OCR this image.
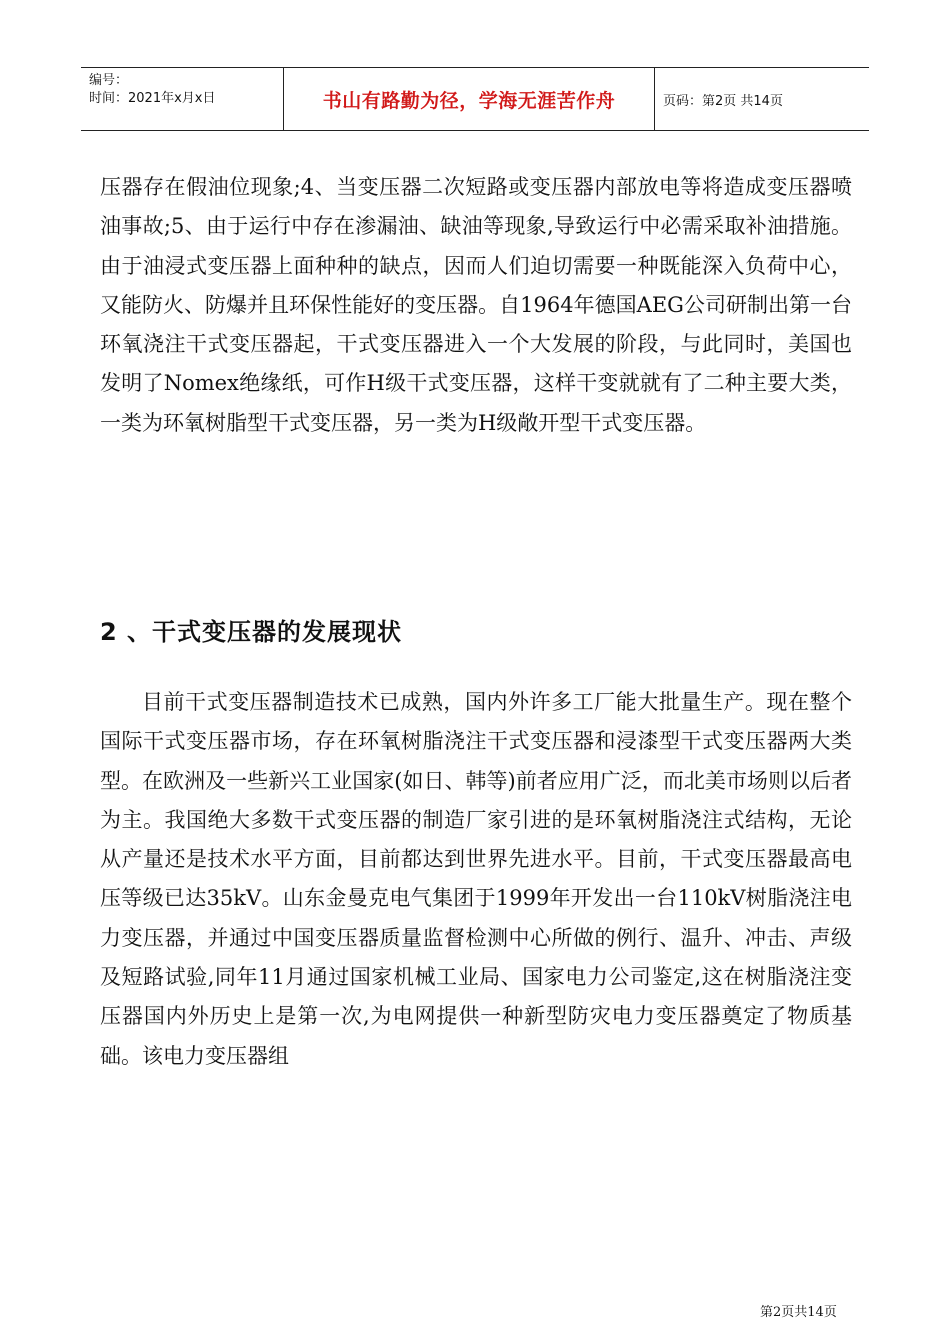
编号：
时间：2021年x月x日	书山有路勤为径，学海无涯苦作舟	页码：第2页 共14页

压器存在假油位现象;4、当变压器二次短路或变压器内部放电等将造成变压器喷油事故;5、由于运行中存在渗漏油、缺油等现象,导致运行中必需采取补油措施。由于油浸式变压器上面种种的缺点，因而人们迫切需要一种既能深入负荷中心，又能防火、防爆并且环保性能好的变压器。自1964年德国AEG公司研制出第一台环氧浇注干式变压器起，干式变压器进入一个大发展的阶段，与此同时，美国也发明了Nomex绝缘纸，可作H级干式变压器，这样干变就就有了二种主要大类，一类为环氧树脂型干式变压器，另一类为H级敞开型干式变压器。

2 、干式变压器的发展现状

目前干式变压器制造技术已成熟，国内外许多工厂能大批量生产。现在整个国际干式变压器市场，存在环氧树脂浇注干式变压器和浸漆型干式变压器两大类型。在欧洲及一些新兴工业国家(如日、韩等)前者应用广泛，而北美市场则以后者为主。我国绝大多数干式变压器的制造厂家引进的是环氧树脂浇注式结构，无论从产量还是技术水平方面，目前都达到世界先进水平。目前，干式变压器最高电压等级已达35kV。山东金曼克电气集团于1999年开发出一台110kV树脂浇注电力变压器，并通过中国变压器质量监督检测中心所做的例行、温升、冲击、声级及短路试验,同年11月通过国家机械工业局、国家电力公司鉴定,这在树脂浇注变压器国内外历史上是第一次,为电网提供一种新型防灾电力变压器奠定了物质基础。该电力变压器组

第2页共14页
